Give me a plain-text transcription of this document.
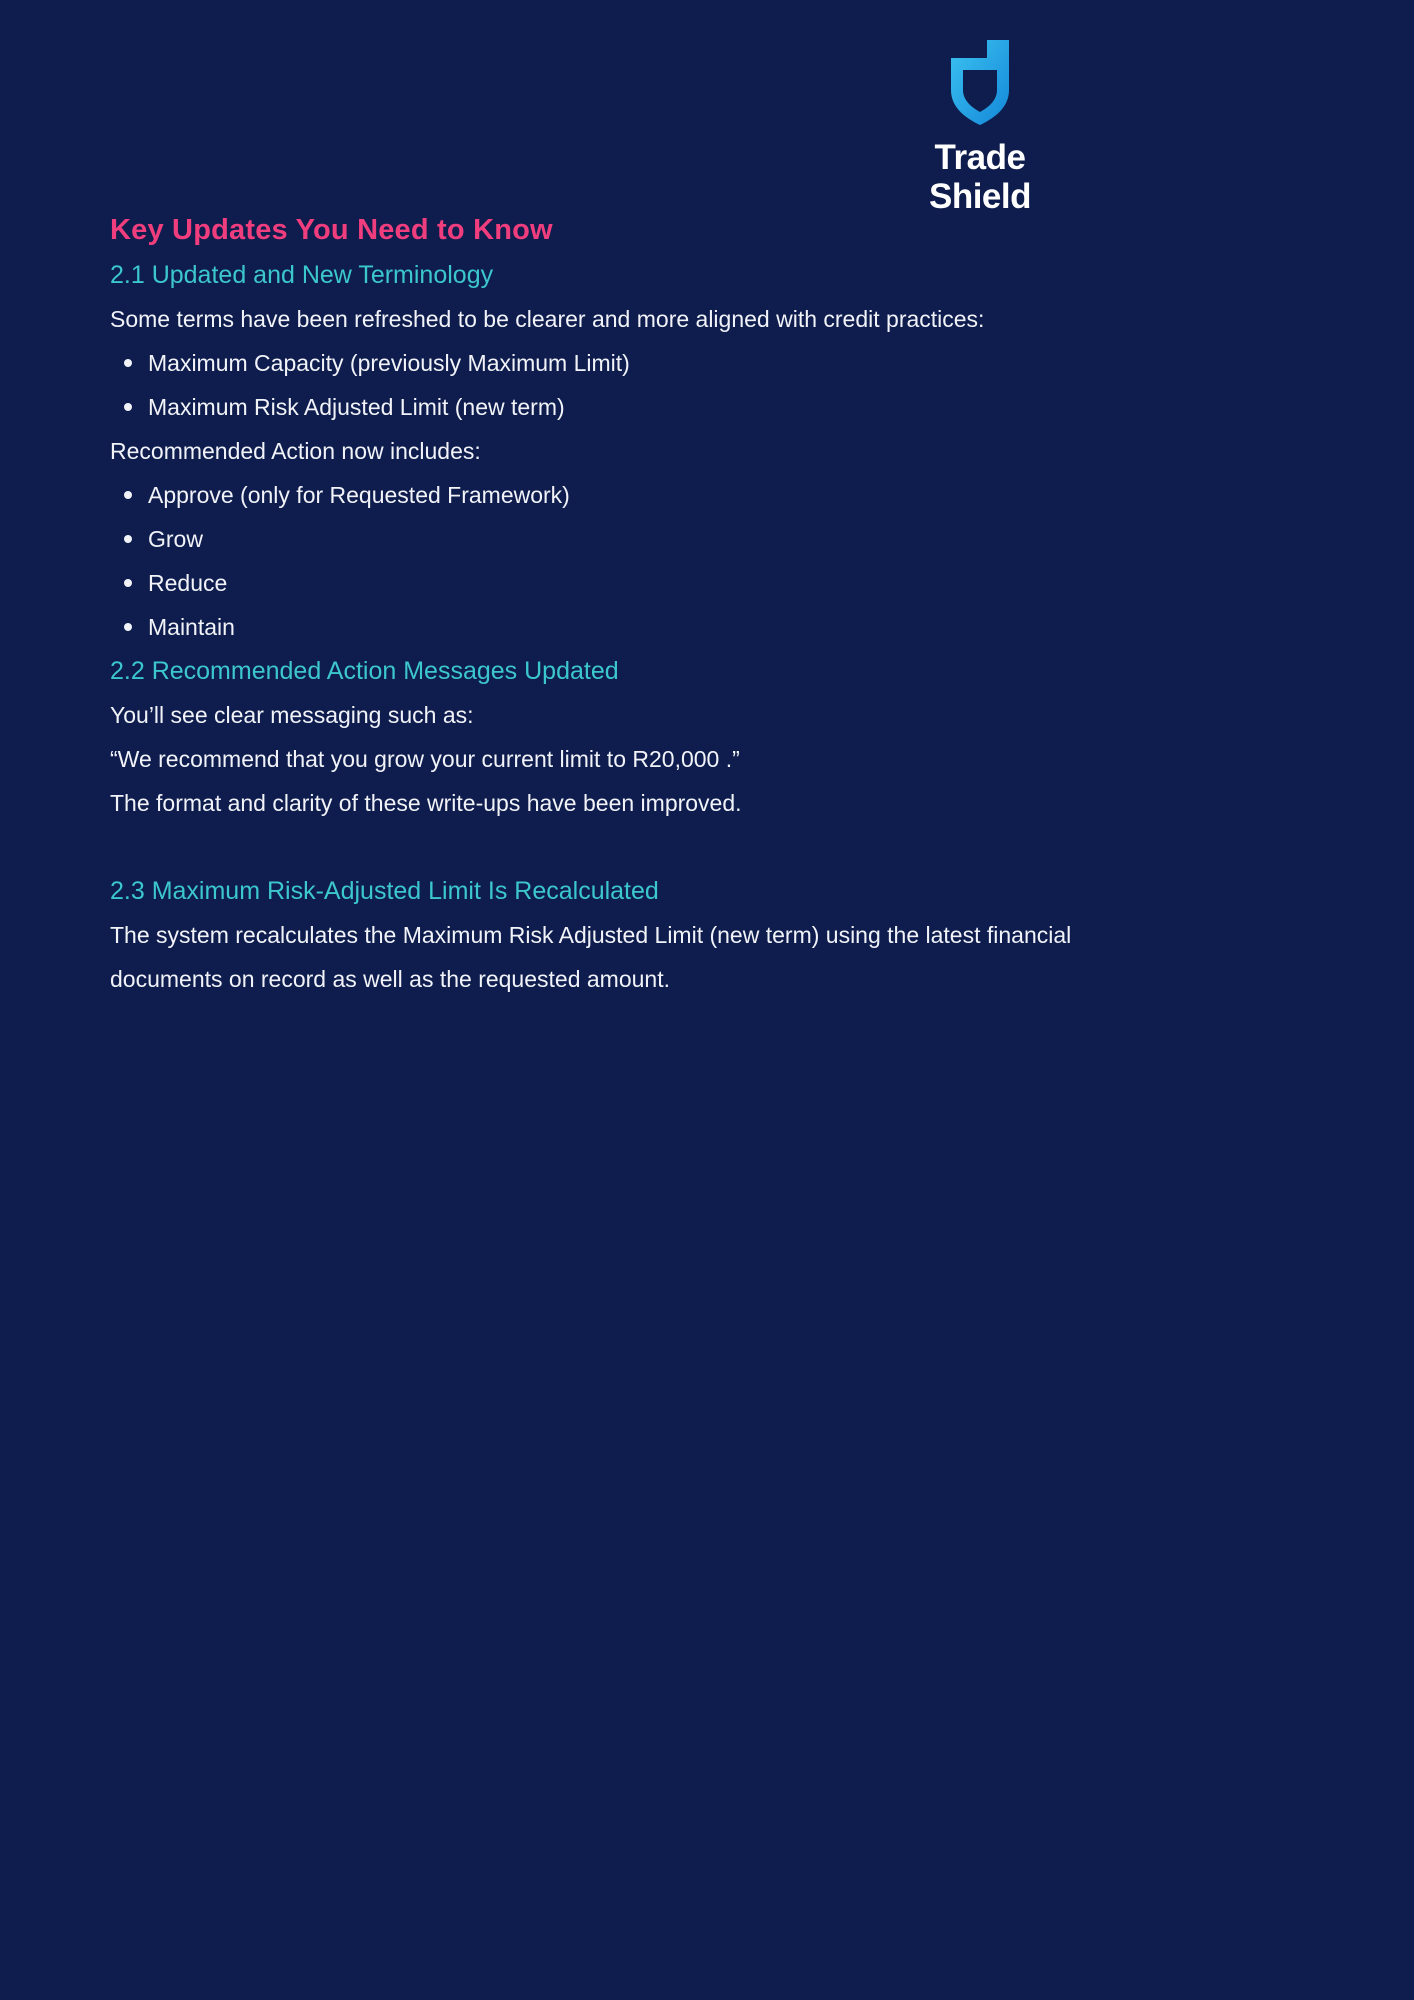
Trade
Shield
Key Updates You Need to Know
2.1 Updated and New Terminology

Some terms have been refreshed to be clearer and more aligned with credit practices:

Maximum Capacity (previously Maximum Limit)
Maximum Risk Adjusted Limit (new term)

Recommended Action now includes:

Approve (only for Requested Framework)
Grow
Reduce
Maintain
2.2 Recommended Action Messages Updated

You’ll see clear messaging such as:

“We recommend that you grow your current limit to R20,000 .”

The format and clarity of these write-ups have been improved.

2.3 Maximum Risk-Adjusted Limit Is Recalculated

The system recalculates the Maximum Risk Adjusted Limit (new term) using the latest financial documents on record as well as the requested amount.
